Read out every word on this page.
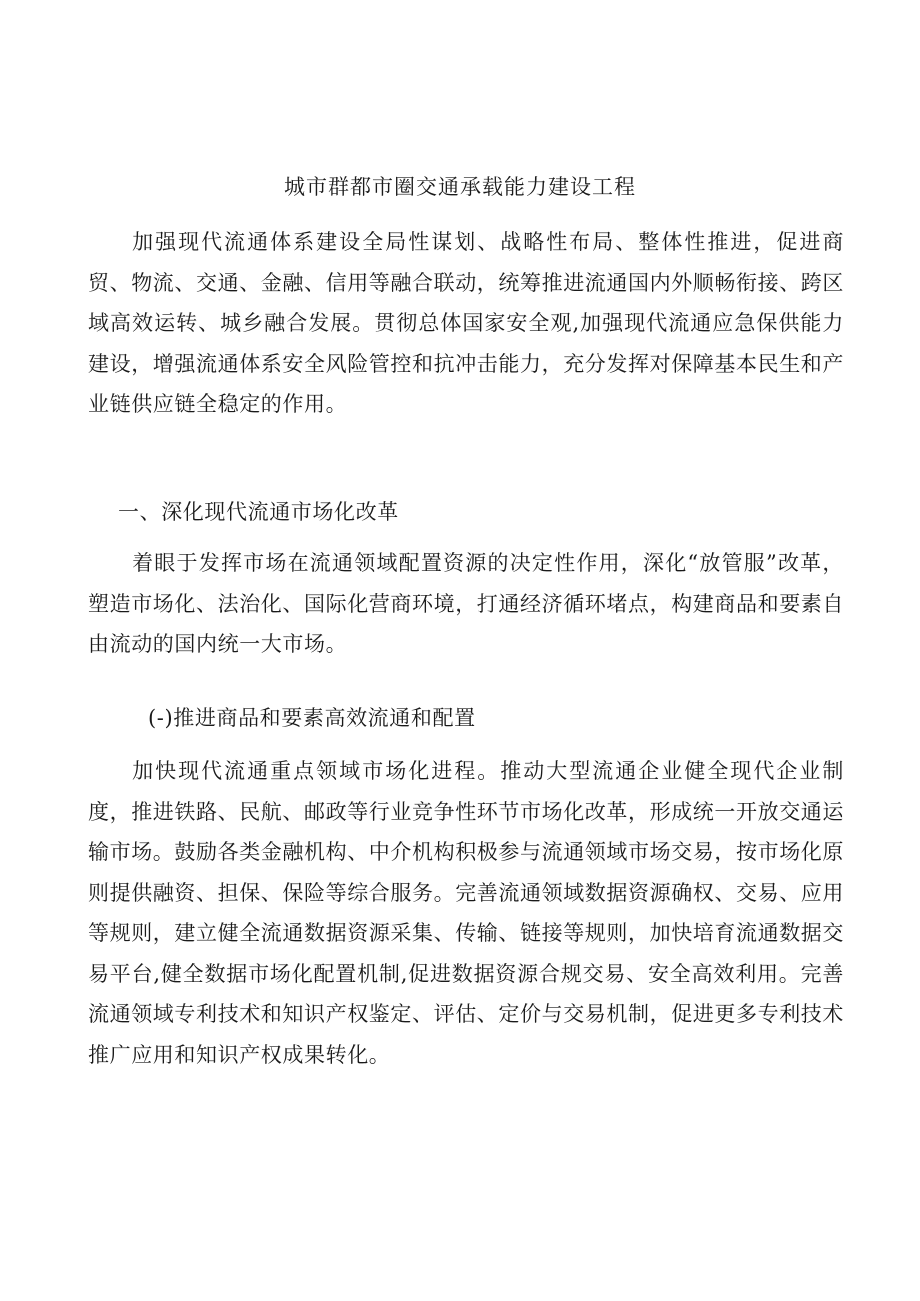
城市群都市圈交通承载能力建设工程

加强现代流通体系建设全局性谋划、战略性布局、整体性推进，促进商贸、物流、交通、金融、信用等融合联动，统筹推进流通国内外顺畅衔接、跨区域高效运转、城乡融合发展。贯彻总体国家安全观,加强现代流通应急保供能力建设，增强流通体系安全风险管控和抗冲击能力，充分发挥对保障基本民生和产业链供应链全稳定的作用。

一、深化现代流通市场化改革

着眼于发挥市场在流通领域配置资源的决定性作用，深化“放管服”改革，塑造市场化、法治化、国际化营商环境，打通经济循环堵点，构建商品和要素自由流动的国内统一大市场。

(-)推进商品和要素高效流通和配置

加快现代流通重点领域市场化进程。推动大型流通企业健全现代企业制度，推进铁路、民航、邮政等行业竞争性环节市场化改革，形成统一开放交通运输市场。鼓励各类金融机构、中介机构积极参与流通领域市场交易，按市场化原则提供融资、担保、保险等综合服务。完善流通领域数据资源确权、交易、应用等规则，建立健全流通数据资源采集、传输、链接等规则，加快培育流通数据交易平台,健全数据市场化配置机制,促进数据资源合规交易、安全高效利用。完善流通领域专利技术和知识产权鉴定、评估、定价与交易机制，促进更多专利技术推广应用和知识产权成果转化。
